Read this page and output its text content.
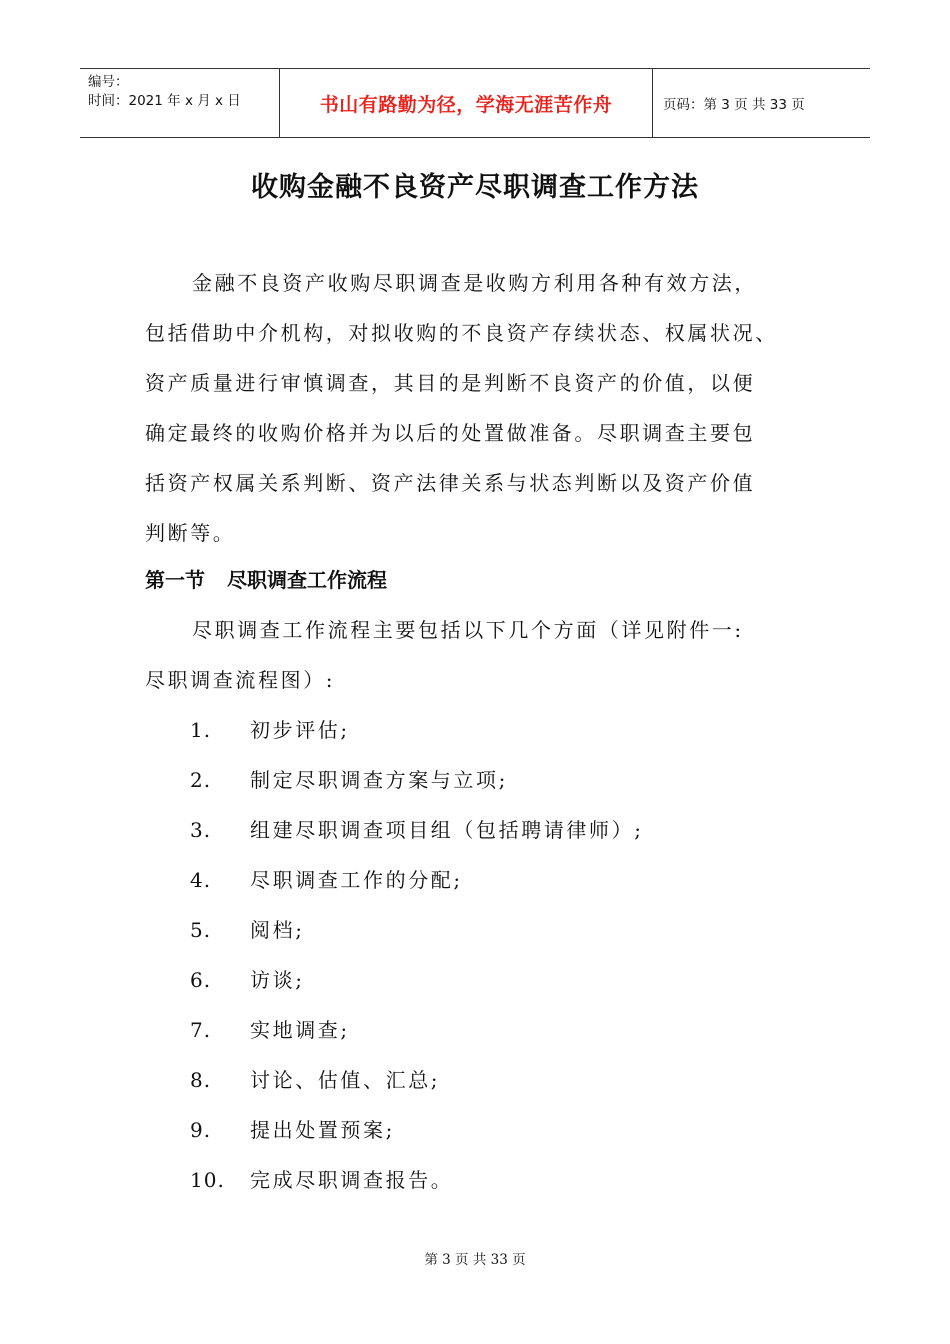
编号：
时间：2021 年 x 月 x 日	书山有路勤为径，学海无涯苦作舟	页码：第 3 页 共 33 页
收购金融不良资产尽职调查工作方法
金融不良资产收购尽职调查是收购方利用各种有效方法，
包括借助中介机构，对拟收购的不良资产存续状态、权属状况、
资产质量进行审慎调查，其目的是判断不良资产的价值，以便
确定最终的收购价格并为以后的处置做准备。尽职调查主要包
括资产权属关系判断、资产法律关系与状态判断以及资产价值
判断等。
第一节 尽职调查工作流程
尽职调查工作流程主要包括以下几个方面（详见附件一:
尽职调查流程图）:
1.	初步评估;
2.	制定尽职调查方案与立项;
3.	组建尽职调查项目组（包括聘请律师）;
4.	尽职调查工作的分配;
5.	阅档;
6.	访谈;
7.	实地调查;
8.	讨论、估值、汇总;
9.	提出处置预案;
10.	完成尽职调查报告。
第 3 页 共 33 页
